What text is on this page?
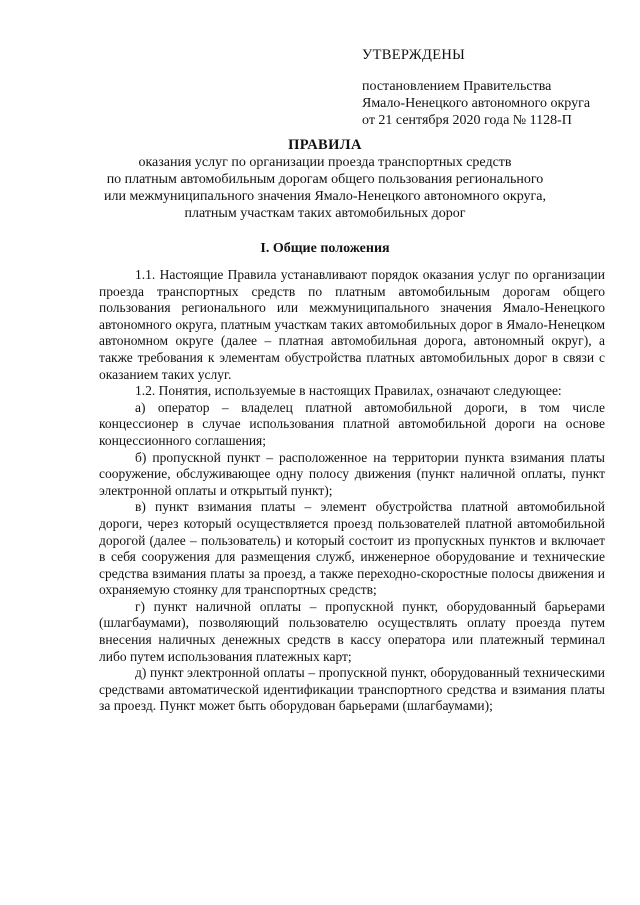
УТВЕРЖДЕНЫ
постановлением Правительства
Ямало-Ненецкого автономного округа
от 21 сентября 2020 года № 1128-П
ПРАВИЛА
оказания услуг по организации проезда транспортных средств
по платным автомобильным дорогам общего пользования регионального
или межмуниципального значения Ямало-Ненецкого автономного округа,
платным участкам таких автомобильных дорог
I. Общие положения

1.1. Настоящие Правила устанавливают порядок оказания услуг по организации проезда транспортных средств по платным автомобильным дорогам общего пользования регионального или межмуниципального значения Ямало-Ненецкого автономного округа, платным участкам таких автомобильных дорог в Ямало-Ненецком автономном округе (далее – платная автомобильная дорога, автономный округ), а также требования к элементам обустройства платных автомобильных дорог в связи с оказанием таких услуг.

1.2. Понятия, используемые в настоящих Правилах, означают следующее:

а) оператор – владелец платной автомобильной дороги, в том числе концессионер в случае использования платной автомобильной дороги на основе концессионного соглашения;

б) пропускной пункт – расположенное на территории пункта взимания платы сооружение, обслуживающее одну полосу движения (пункт наличной оплаты, пункт электронной оплаты и открытый пункт);

в) пункт взимания платы – элемент обустройства платной автомобильной дороги, через который осуществляется проезд пользователей платной автомобильной дорогой (далее – пользователь) и который состоит из пропускных пунктов и включает в себя сооружения для размещения служб, инженерное оборудование и технические средства взимания платы за проезд, а также переходно-скоростные полосы движения и охраняемую стоянку для транспортных средств;

г) пункт наличной оплаты – пропускной пункт, оборудованный барьерами (шлагбаумами), позволяющий пользователю осуществлять оплату проезда путем внесения наличных денежных средств в кассу оператора или платежный терминал либо путем использования платежных карт;

д) пункт электронной оплаты – пропускной пункт, оборудованный техническими средствами автоматической идентификации транспортного средства и взимания платы за проезд. Пункт может быть оборудован барьерами (шлагбаумами);
